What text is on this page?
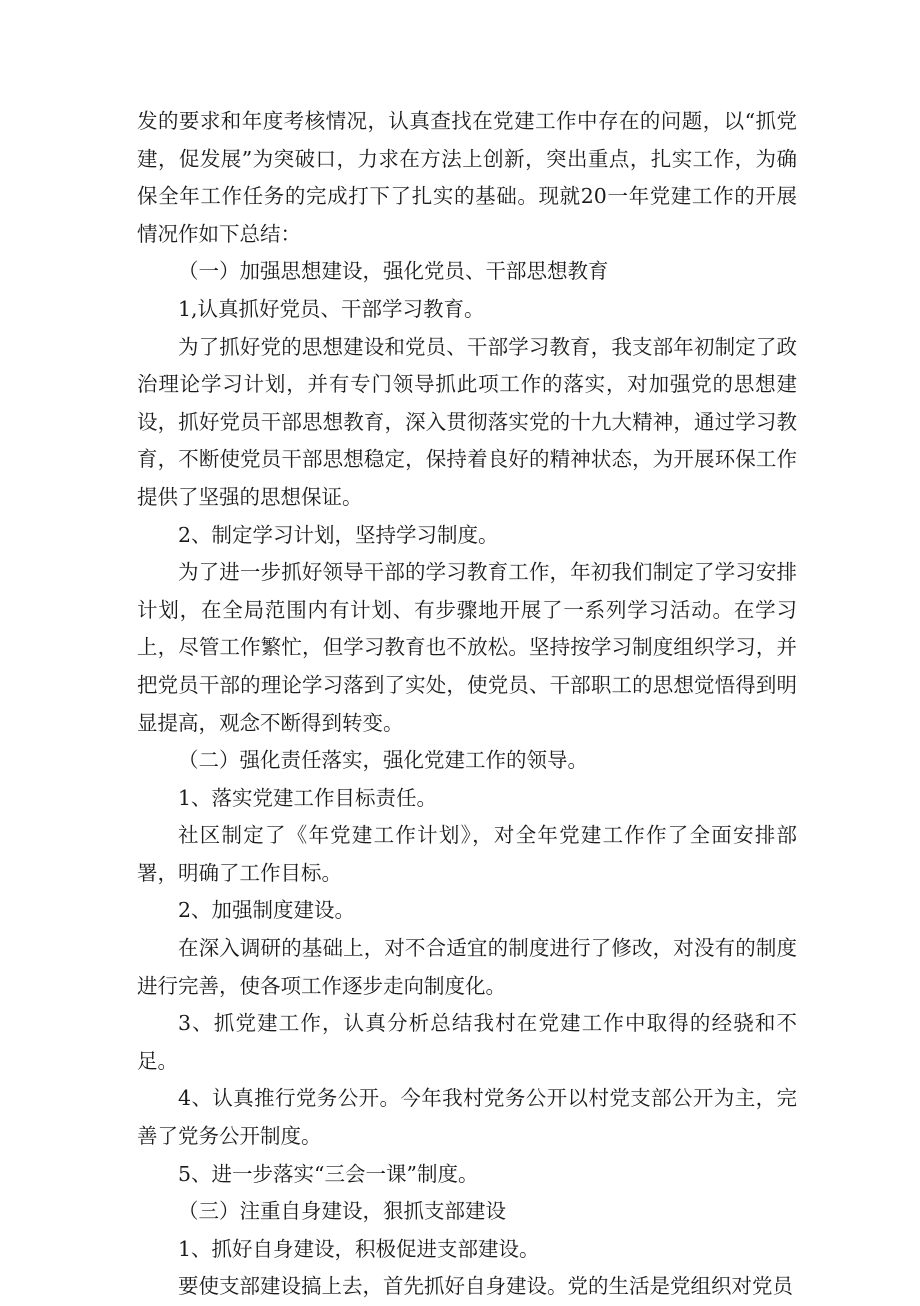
发的要求和年度考核情况，认真查找在党建工作中存在的问题，以“抓党建，促发展”为突破口，力求在方法上创新，突出重点，扎实工作，为确保全年工作任务的完成打下了扎实的基础。现就20一年党建工作的开展情况作如下总结：

（一）加强思想建设，强化党员、干部思想教育

1,认真抓好党员、干部学习教育。

为了抓好党的思想建设和党员、干部学习教育，我支部年初制定了政治理论学习计划，并有专门领导抓此项工作的落实，对加强党的思想建设，抓好党员干部思想教育，深入贯彻落实党的十九大精神，通过学习教育，不断使党员干部思想稳定，保持着良好的精神状态，为开展环保工作提供了坚强的思想保证。

2、制定学习计划，坚持学习制度。

为了进一步抓好领导干部的学习教育工作，年初我们制定了学习安排计划，在全局范围内有计划、有步骤地开展了一系列学习活动。在学习上，尽管工作繁忙，但学习教育也不放松。坚持按学习制度组织学习，并把党员干部的理论学习落到了实处，使党员、干部职工的思想觉悟得到明显提高，观念不断得到转变。

（二）强化责任落实，强化党建工作的领导。

1、落实党建工作目标责任。

社区制定了《年党建工作计划》，对全年党建工作作了全面安排部署，明确了工作目标。

2、加强制度建设。

在深入调研的基础上，对不合适宜的制度进行了修改，对没有的制度进行完善，使各项工作逐步走向制度化。

3、抓党建工作，认真分析总结我村在党建工作中取得的经骁和不足。

4、认真推行党务公开。今年我村党务公开以村党支部公开为主，完善了党务公开制度。

5、进一步落实“三会一课”制度。

（三）注重自身建设，狠抓支部建设

1、抓好自身建设，积极促进支部建设。

要使支部建设搞上去，首先抓好自身建设。党的生活是党组织对党员
